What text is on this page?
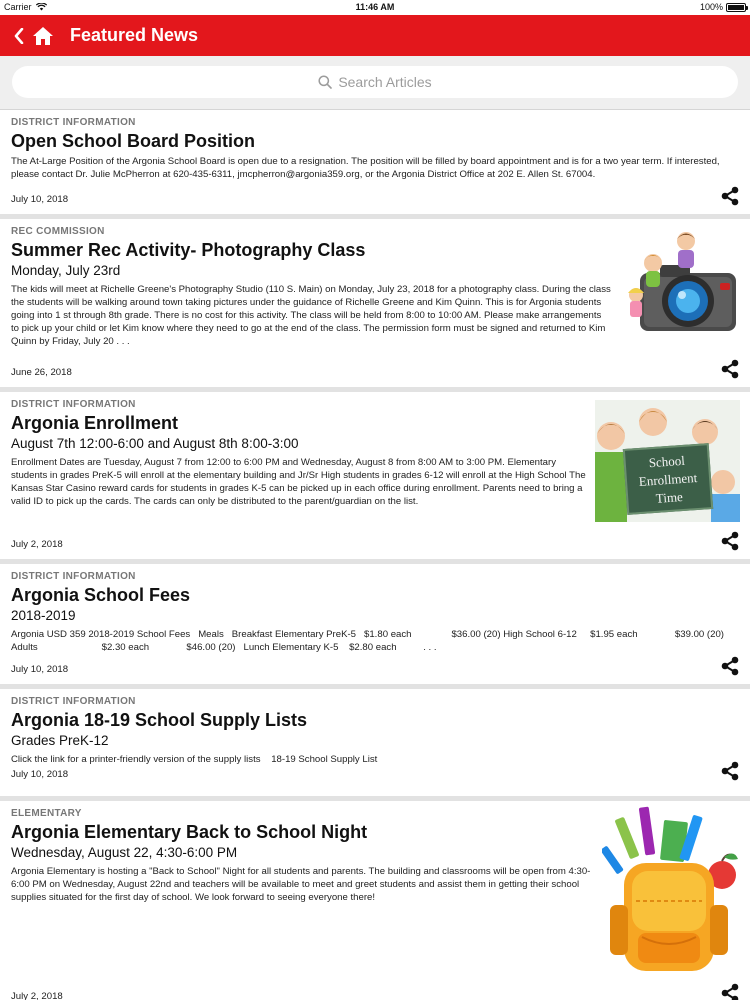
Carrier	11:46 AM	100%
Featured News
Search Articles
DISTRICT INFORMATION
Open School Board Position
The At-Large Position of the Argonia School Board is open due to a resignation. The position will be filled by board appointment and is for a two year term. If interested, please contact Dr. Julie McPherron at 620-435-6311, jmcpherron@argonia359.org, or the Argonia District Office at 202 E. Allen St. 67004.
July 10, 2018
REC COMMISSION
Summer Rec Activity- Photography Class
Monday, July 23rd
The kids will meet at Richelle Greene's Photography Studio (110 S. Main) on Monday, July 23, 2018 for a photography class. During the class the students will be walking around town taking pictures under the guidance of Richelle Greene and Kim Quinn. This is for Argonia students going into 1 st through 8th grade. There is no cost for this activity. The class will be held from 8:00 to 10:00 AM. Please make arrangements to pick up your child or let Kim know where they need to go at the end of the class. The permission form must be signed and returned to Kim Quinn by Friday, July 20 . . .
June 26, 2018
DISTRICT INFORMATION
Argonia Enrollment
August 7th 12:00-6:00 and August 8th 8:00-3:00
Enrollment Dates are Tuesday, August 7 from 12:00 to 6:00 PM and Wednesday, August 8 from 8:00 AM to 3:00 PM. Elementary students in grades PreK-5 will enroll at the elementary building and Jr/Sr High students in grades 6-12 will enroll at the High School The Kansas Star Casino reward cards for students in grades K-5 can be picked up in each office during enrollment. Parents need to bring a valid ID to pick up the cards. The cards can only be distributed to the parent/guardian on the list.
July 2, 2018
School Enrollment Time
DISTRICT INFORMATION
Argonia School Fees
2018-2019
Argonia USD 359 2018-2019 School Fees   Meals   Breakfast Elementary PreK-5   $1.80 each               $36.00 (20) High School 6-12     $1.95 each              $39.00 (20) Adults                        $2.30 each              $46.00 (20)   Lunch Elementary K-5    $2.80 each          . . .
July 10, 2018
DISTRICT INFORMATION
Argonia 18-19 School Supply Lists
Grades PreK-12
Click the link for a printer-friendly version of the supply lists    18-19 School Supply List
July 10, 2018
ELEMENTARY
Argonia Elementary Back to School Night
Wednesday, August 22, 4:30-6:00 PM
Argonia Elementary is hosting a "Back to School" Night for all students and parents. The building and classrooms will be open from 4:30-6:00 PM on Wednesday, August 22nd and teachers will be available to meet and greet students and assist them in getting their school supplies situated for the first day of school. We look forward to seeing everyone there!
July 2, 2018
